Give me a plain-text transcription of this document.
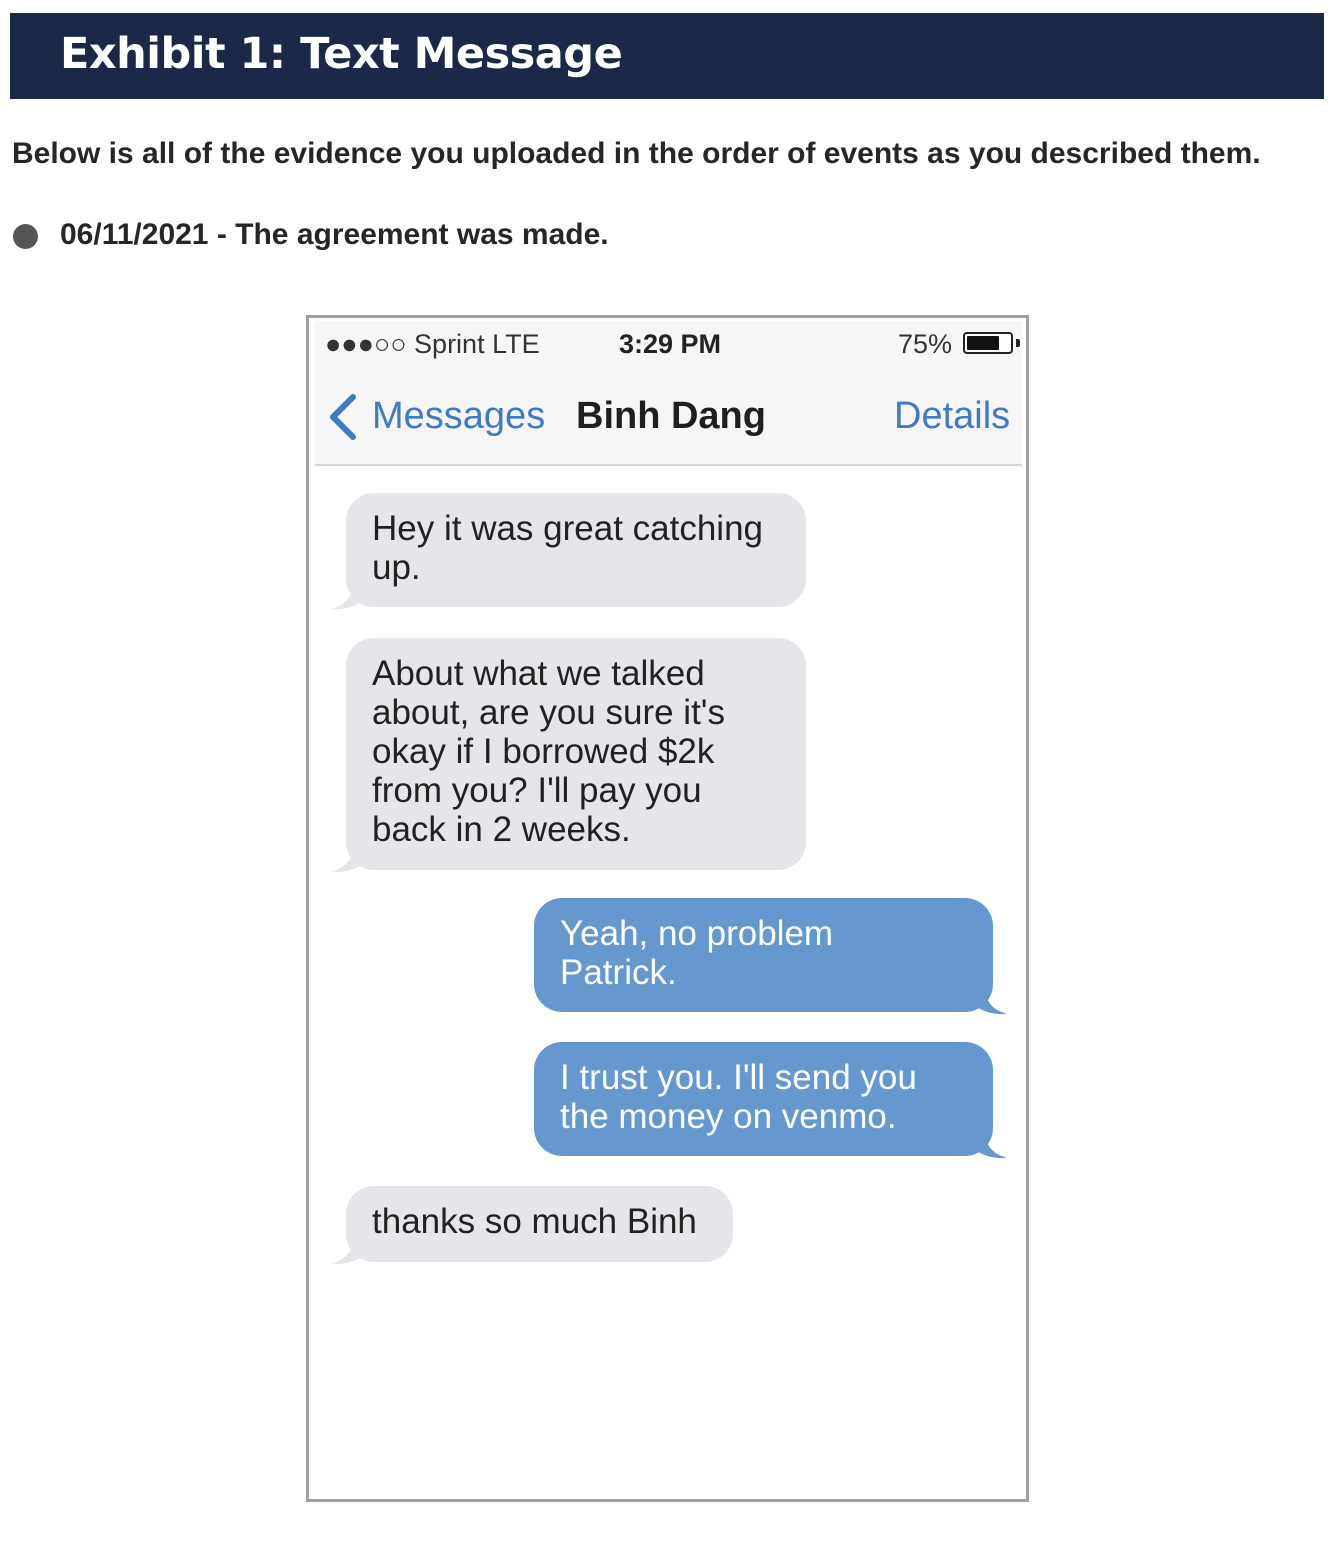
Exhibit 1: Text Message
Below is all of the evidence you uploaded in the order of events as you described them.
06/11/2021 - The agreement was made.
●●●○○ Sprint LTE	3:29 PM	75%
Messages Binh Dang	Details
Hey it was great catching
up.
About what we talked
about, are you sure it's
okay if I borrowed $2k
from you? I'll pay you
back in 2 weeks.
Yeah, no problem
Patrick.
I trust you. I'll send you
the money on venmo.
thanks so much Binh
